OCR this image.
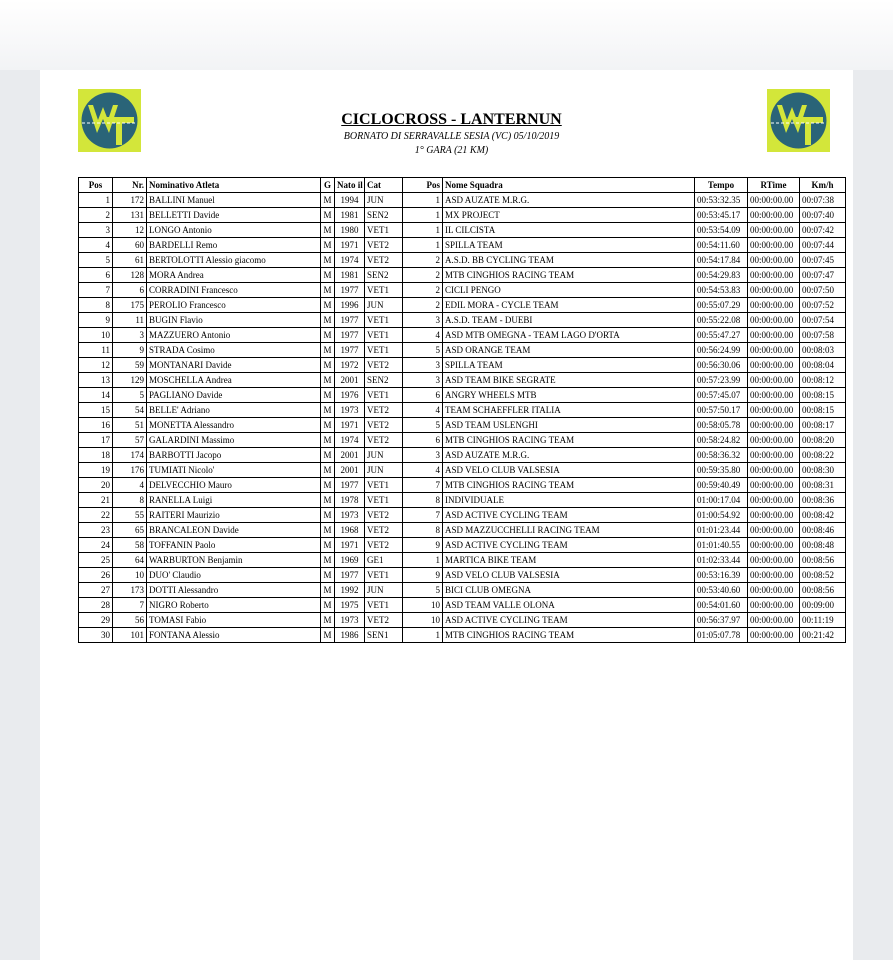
CICLOCROSS - LANTERNUN
BORNATO DI SERRAVALLE SESIA (VC) 05/10/2019
1° GARA (21 KM)
Pos	Nr.	Nominativo Atleta	G	Nato il	Cat	Pos	Nome Squadra	Tempo	RTime	Km/h
1	172	BALLINI Manuel	M	1994	JUN	1	ASD AUZATE M.R.G.	00:53:32.35	00:00:00.00	00:07:38
2	131	BELLETTI Davide	M	1981	SEN2	1	MX PROJECT	00:53:45.17	00:00:00.00	00:07:40
3	12	LONGO Antonio	M	1980	VET1	1	IL CILCISTA	00:53:54.09	00:00:00.00	00:07:42
4	60	BARDELLI Remo	M	1971	VET2	1	SPILLA TEAM	00:54:11.60	00:00:00.00	00:07:44
5	61	BERTOLOTTI Alessio giacomo	M	1974	VET2	2	A.S.D. BB CYCLING TEAM	00:54:17.84	00:00:00.00	00:07:45
6	128	MORA Andrea	M	1981	SEN2	2	MTB CINGHIOS RACING TEAM	00:54:29.83	00:00:00.00	00:07:47
7	6	CORRADINI Francesco	M	1977	VET1	2	CICLI PENGO	00:54:53.83	00:00:00.00	00:07:50
8	175	PEROLIO Francesco	M	1996	JUN	2	EDIL MORA - CYCLE TEAM	00:55:07.29	00:00:00.00	00:07:52
9	11	BUGIN Flavio	M	1977	VET1	3	A.S.D. TEAM - DUEBI	00:55:22.08	00:00:00.00	00:07:54
10	3	MAZZUERO Antonio	M	1977	VET1	4	ASD MTB OMEGNA - TEAM LAGO D'ORTA	00:55:47.27	00:00:00.00	00:07:58
11	9	STRADA Cosimo	M	1977	VET1	5	ASD ORANGE TEAM	00:56:24.99	00:00:00.00	00:08:03
12	59	MONTANARI Davide	M	1972	VET2	3	SPILLA TEAM	00:56:30.06	00:00:00.00	00:08:04
13	129	MOSCHELLA Andrea	M	2001	SEN2	3	ASD TEAM BIKE SEGRATE	00:57:23.99	00:00:00.00	00:08:12
14	5	PAGLIANO Davide	M	1976	VET1	6	ANGRY WHEELS MTB	00:57:45.07	00:00:00.00	00:08:15
15	54	BELLE' Adriano	M	1973	VET2	4	TEAM SCHAEFFLER ITALIA	00:57:50.17	00:00:00.00	00:08:15
16	51	MONETTA Alessandro	M	1971	VET2	5	ASD TEAM USLENGHI	00:58:05.78	00:00:00.00	00:08:17
17	57	GALARDINI Massimo	M	1974	VET2	6	MTB CINGHIOS RACING TEAM	00:58:24.82	00:00:00.00	00:08:20
18	174	BARBOTTI Jacopo	M	2001	JUN	3	ASD AUZATE M.R.G.	00:58:36.32	00:00:00.00	00:08:22
19	176	TUMIATI Nicolo'	M	2001	JUN	4	ASD VELO CLUB VALSESIA	00:59:35.80	00:00:00.00	00:08:30
20	4	DELVECCHIO Mauro	M	1977	VET1	7	MTB CINGHIOS RACING TEAM	00:59:40.49	00:00:00.00	00:08:31
21	8	RANELLA Luigi	M	1978	VET1	8	INDIVIDUALE	01:00:17.04	00:00:00.00	00:08:36
22	55	RAITERI Maurizio	M	1973	VET2	7	ASD ACTIVE CYCLING TEAM	01:00:54.92	00:00:00.00	00:08:42
23	65	BRANCALEON Davide	M	1968	VET2	8	ASD MAZZUCCHELLI RACING TEAM	01:01:23.44	00:00:00.00	00:08:46
24	58	TOFFANIN Paolo	M	1971	VET2	9	ASD ACTIVE CYCLING TEAM	01:01:40.55	00:00:00.00	00:08:48
25	64	WARBURTON Benjamin	M	1969	GE1	1	MARTICA BIKE TEAM	01:02:33.44	00:00:00.00	00:08:56
26	10	DUO' Claudio	M	1977	VET1	9	ASD VELO CLUB VALSESIA	00:53:16.39	00:00:00.00	00:08:52
27	173	DOTTI Alessandro	M	1992	JUN	5	BICI CLUB OMEGNA	00:53:40.60	00:00:00.00	00:08:56
28	7	NIGRO Roberto	M	1975	VET1	10	ASD TEAM VALLE OLONA	00:54:01.60	00:00:00.00	00:09:00
29	56	TOMASI Fabio	M	1973	VET2	10	ASD ACTIVE CYCLING TEAM	00:56:37.97	00:00:00.00	00:11:19
30	101	FONTANA Alessio	M	1986	SEN1	1	MTB CINGHIOS RACING TEAM	01:05:07.78	00:00:00.00	00:21:42
